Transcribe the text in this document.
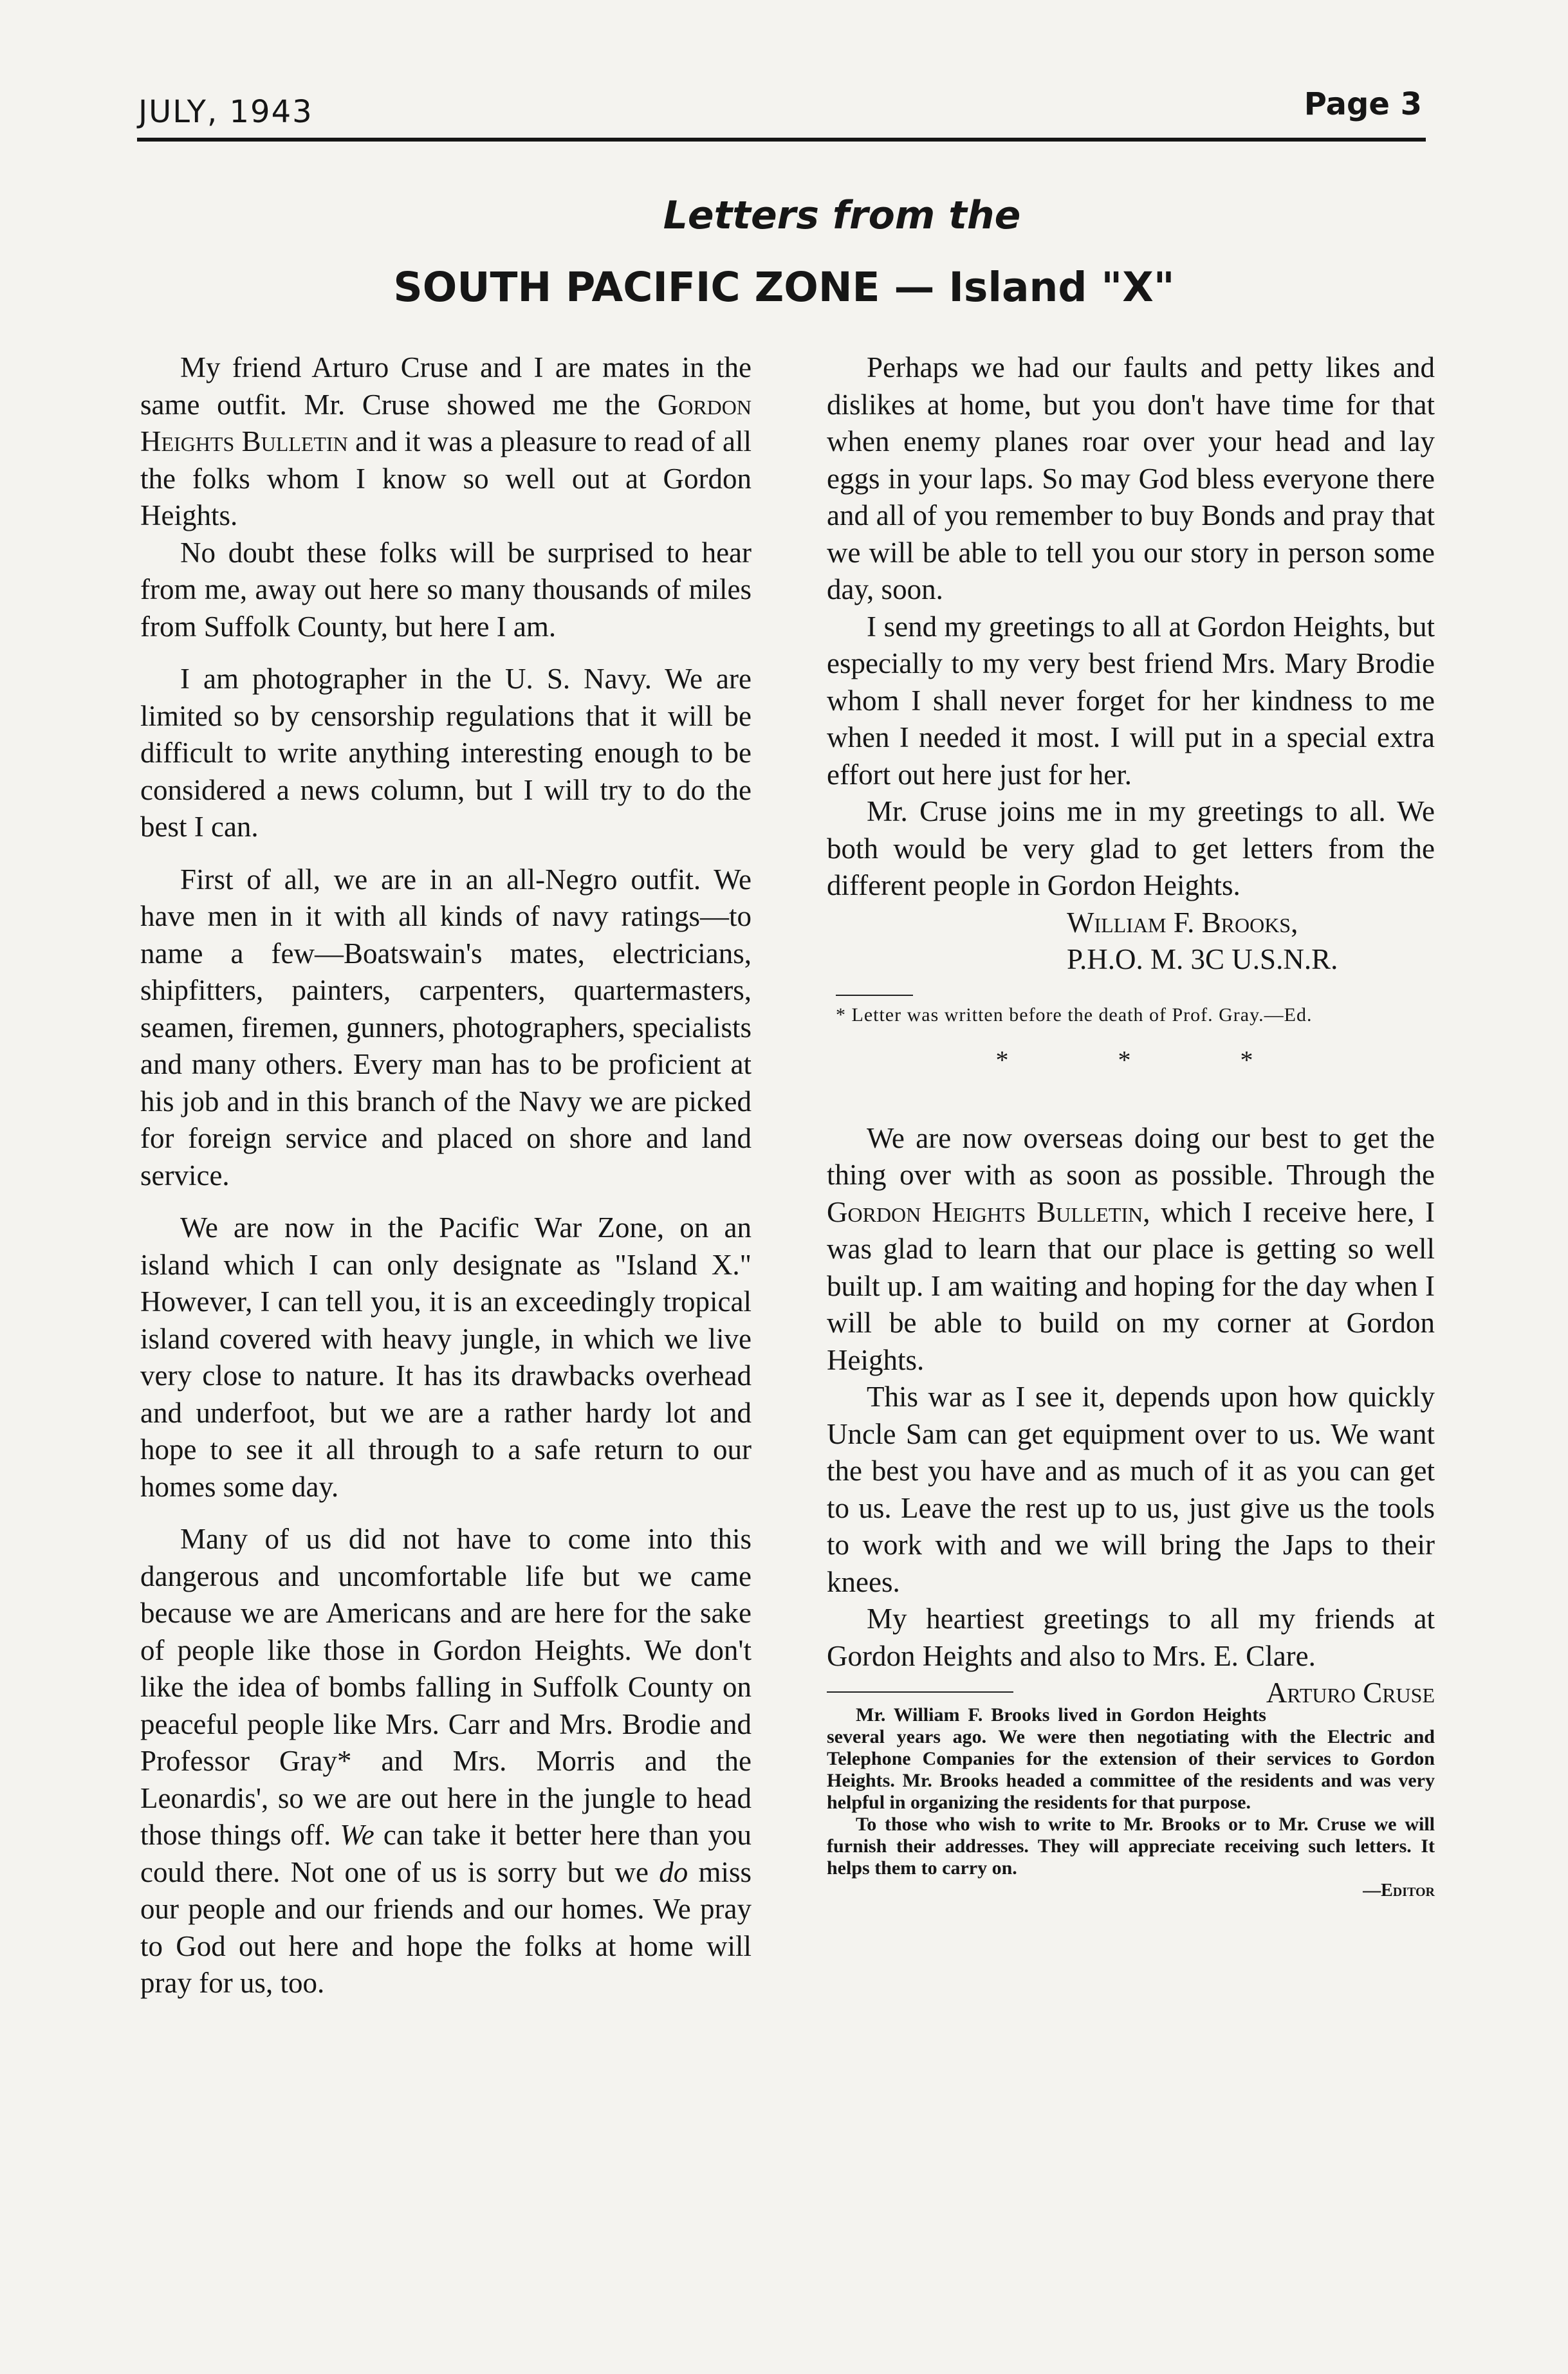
JULY, 1943	Page 3
Letters from the
SOUTH PACIFIC ZONE — Island "X"

My friend Arturo Cruse and I are mates in the same outfit. Mr. Cruse showed me the Gordon Heights Bulletin and it was a pleasure to read of all the folks whom I know so well out at Gordon Heights.

No doubt these folks will be surprised to hear from me, away out here so many thousands of miles from Suffolk County, but here I am.

I am photographer in the U. S. Navy. We are limited so by censorship regulations that it will be difficult to write anything interesting enough to be considered a news column, but I will try to do the best I can.

First of all, we are in an all-Negro outfit. We have men in it with all kinds of navy ratings—to name a few—Boatswain's mates, electricians, shipfitters, painters, carpenters, quartermasters, seamen, firemen, gunners, photographers, specialists and many others. Every man has to be proficient at his job and in this branch of the Navy we are picked for foreign service and placed on shore and land service.

We are now in the Pacific War Zone, on an island which I can only designate as "Island X." However, I can tell you, it is an exceedingly tropical island covered with heavy jungle, in which we live very close to nature. It has its drawbacks overhead and underfoot, but we are a rather hardy lot and hope to see it all through to a safe return to our homes some day.

Many of us did not have to come into this dangerous and uncomfortable life but we came because we are Americans and are here for the sake of people like those in Gordon Heights. We don't like the idea of bombs falling in Suffolk County on peaceful people like Mrs. Carr and Mrs. Brodie and Professor Gray* and Mrs. Morris and the Leonardis', so we are out here in the jungle to head those things off. We can take it better here than you could there. Not one of us is sorry but we do miss our people and our friends and our homes. We pray to God out here and hope the folks at home will pray for us, too.

Perhaps we had our faults and petty likes and dislikes at home, but you don't have time for that when enemy planes roar over your head and lay eggs in your laps. So may God bless everyone there and all of you remember to buy Bonds and pray that we will be able to tell you our story in person some day, soon.

I send my greetings to all at Gordon Heights, but especially to my very best friend Mrs. Mary Brodie whom I shall never forget for her kindness to me when I needed it most. I will put in a special extra effort out here just for her.

Mr. Cruse joins me in my greetings to all. We both would be very glad to get letters from the different people in Gordon Heights.

William F. Brooks,
P.H.O. M. 3C U.S.N.R.
* Letter was written before the death of Prof. Gray.—Ed.
* * *

We are now overseas doing our best to get the thing over with as soon as possible. Through the Gordon Heights Bulletin, which I receive here, I was glad to learn that our place is getting so well built up. I am waiting and hoping for the day when I will be able to build on my corner at Gordon Heights.

This war as I see it, depends upon how quickly Uncle Sam can get equipment over to us. We want the best you have and as much of it as you can get to us. Leave the rest up to us, just give us the tools to work with and we will bring the Japs to their knees.

My heartiest greetings to all my friends at Gordon Heights and also to Mrs. E. Clare.
Arturo Cruse

Mr. William F. Brooks lived in Gordon Heights several years ago. We were then negotiating with the Electric and Telephone Companies for the extension of their services to Gordon Heights. Mr. Brooks headed a committee of the residents and was very helpful in organizing the residents for that purpose.

To those who wish to write to Mr. Brooks or to Mr. Cruse we will furnish their addresses. They will appreciate receiving such letters. It helps them to carry on.

—Editor
